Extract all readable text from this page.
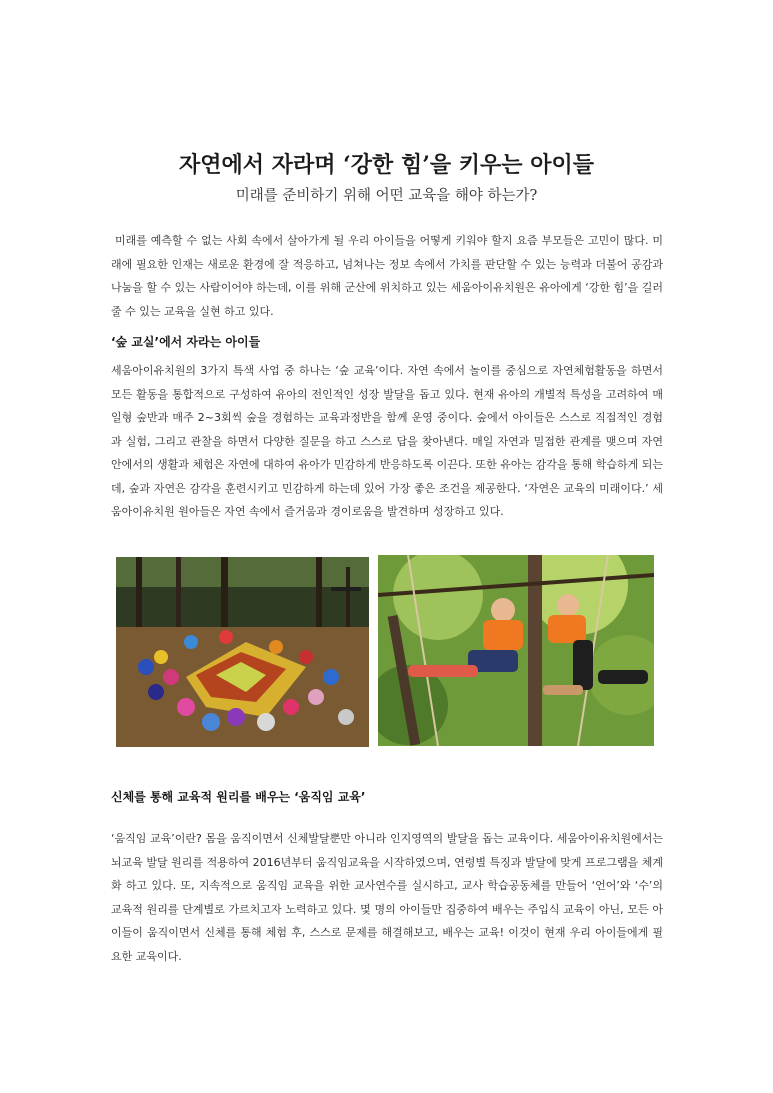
자연에서 자라며 ‘강한 힘’을 키우는 아이들
미래를 준비하기 위해 어떤 교육을 해야 하는가?

미래를 예측할 수 없는 사회 속에서 살아가게 될 우리 아이들을 어떻게 키워야 할지 요즘 부모들은 고민이 많다. 미래에 필요한 인재는 새로운 환경에 잘 적응하고, 넘쳐나는 정보 속에서 가치를 판단할 수 있는 능력과 더불어 공감과 나눔을 할 수 있는 사람이어야 하는데, 이를 위해 군산에 위치하고 있는 세움아이유치원은 유아에게 ‘강한 힘’을 길러 줄 수 있는 교육을 실현 하고 있다.

‘숲 교실’에서 자라는 아이들

세움아이유치원의 3가지 특색 사업 중 하나는 ‘숲 교육’이다. 자연 속에서 놀이를 중심으로 자연체험활동을 하면서 모든 활동을 통합적으로 구성하여 유아의 전인적인 성장 발달을 돕고 있다. 현재 유아의 개별적 특성을 고려하여 매일형 숲반과 매주 2~3회씩 숲을 경험하는 교육과정반을 함께 운영 중이다. 숲에서 아이들은 스스로 직접적인 경험과 실험, 그리고 관찰을 하면서 다양한 질문을 하고 스스로 답을 찾아낸다. 매일 자연과 밀접한 관계를 맺으며 자연 안에서의 생활과 체험은 자연에 대하여 유아가 민감하게 반응하도록 이끈다. 또한 유아는 감각을 통해 학습하게 되는데, 숲과 자연은 감각을 훈련시키고 민감하게 하는데 있어 가장 좋은 조건을 제공한다. ‘자연은 교육의 미래이다.’ 세움아이유치원 원아들은 자연 속에서 즐거움과 경이로움을 발견하며 성장하고 있다.

신체를 통해 교육적 원리를 배우는 ‘움직임 교육’

‘움직임 교육’이란? 몸을 움직이면서 신체발달뿐만 아니라 인지영역의 발달을 돕는 교육이다. 세움아이유치원에서는 뇌교육 발달 원리를 적용하여 2016년부터 움직임교육을 시작하였으며, 연령별 특징과 발달에 맞게 프로그램을 체계화 하고 있다. 또, 지속적으로 움직임 교육을 위한 교사연수를 실시하고, 교사 학습공동체를 만들어 ‘언어’와 ‘수’의 교육적 원리를 단계별로 가르치고자 노력하고 있다. 몇 명의 아이들만 집중하여 배우는 주입식 교육이 아닌, 모든 아이들이 움직이면서 신체를 통해 체험 후, 스스로 문제를 해결해보고, 배우는 교육! 이것이 현재 우리 아이들에게 필요한 교육이다.
